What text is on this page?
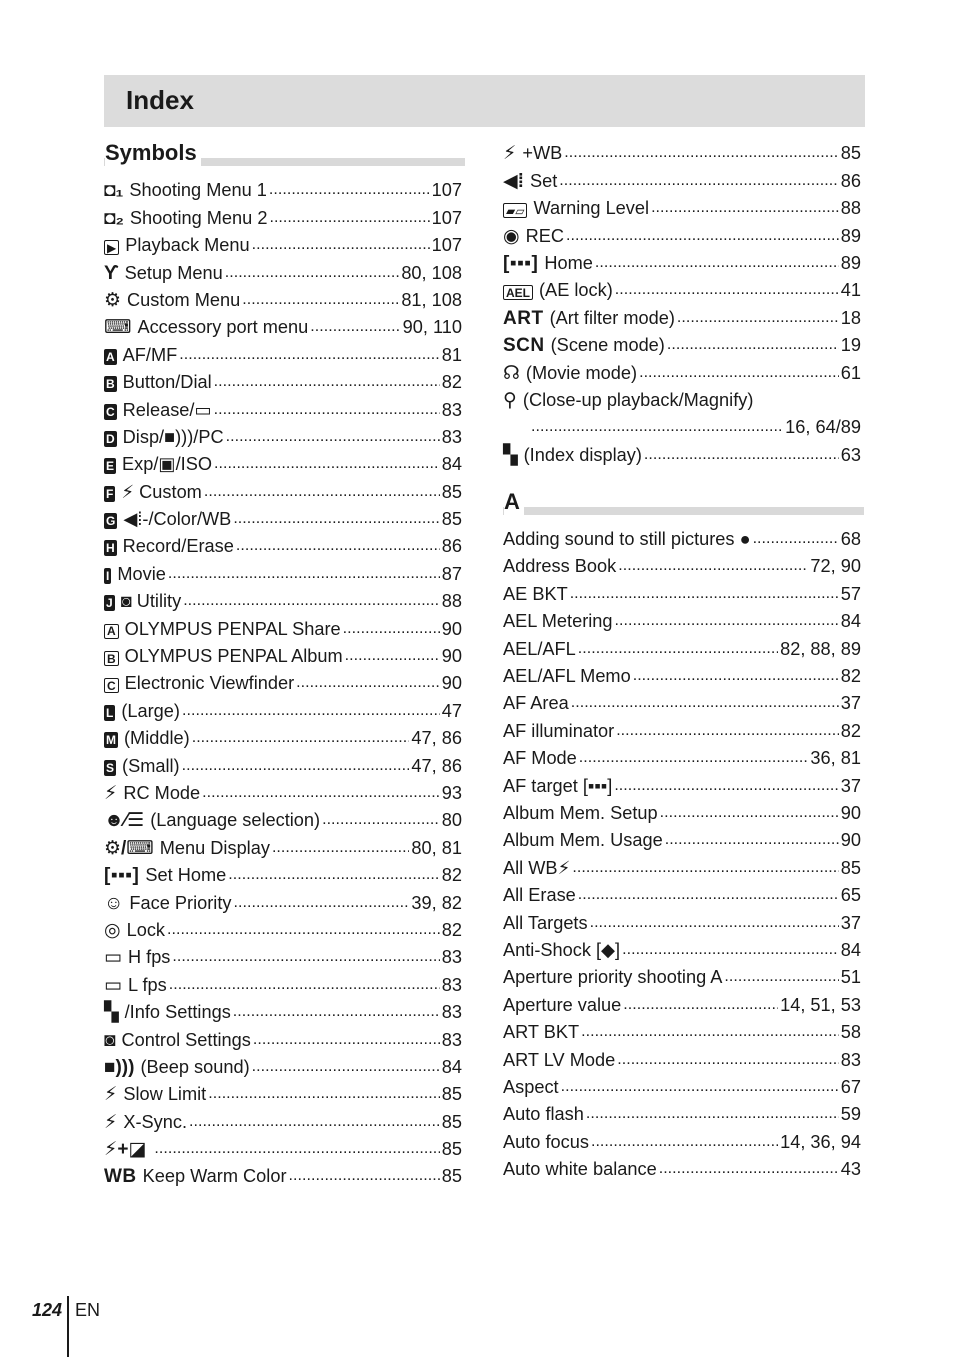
Index
Symbols
◘₁ Shooting Menu 1 . . .	107
◘₂ Shooting Menu 2 . . .	107
▶ Playback Menu . . .	107
ϒ Setup Menu . . .	80, 108
⚙ Custom Menu . . .	81, 108
⌨ Accessory port menu . . .	90, 110
A AF/MF . . .	81
B Button/Dial . . .	82
C Release/▭ . . .	83
D Disp/■)))/PC . . .	83
E Exp/▣/ISO . . .	84
F ⚡ Custom . . .	85
G ◀⁞-/Color/WB . . .	85
H Record/Erase . . .	86
I Movie . . .	87
J ◙ Utility . . .	88
A OLYMPUS PENPAL Share . . .	90
B OLYMPUS PENPAL Album . . .	90
C Electronic Viewfinder . . .	90
L (Large) . . .	47
M (Middle) . . .	47, 86
S (Small) . . .	47, 86
⚡ RC Mode . . .	93
☻⁄☰ (Language selection) . . .	80
⚙/⌨ Menu Display . . .	80, 81
[▪▪▪] Set Home . . .	82
☺ Face Priority . . .	39, 82
◎ Lock . . .	82
▭ H fps . . .	83
▭ L fps . . .	83
▚ /Info Settings . . .	83
◙ Control Settings . . .	83
■))) (Beep sound) . . .	84
⚡ Slow Limit . . .	85
⚡ X-Sync. . . .	85
⚡+◪ . . .	85
WB Keep Warm Color . . .	85
⚡ +WB . . .	85
◀⁞ Set . . .	86
▰▱ Warning Level . . .	88
◉ REC . . .	89
[▪▪▪] Home . . .	89
AEL (AE lock) . . .	41
ART (Art filter mode) . . .	18
SCN (Scene mode) . . .	19
☊ (Movie mode) . . .	61
⚲ (Close-up playback/Magnify)
. . .
16, 64/89
▚ (Index display) . . .	63
A
Adding sound to still pictures ● . . .	68
Address Book . . .	72, 90
AE BKT . . .	57
AEL Metering . . .	84
AEL/AFL . . .	82, 88, 89
AEL/AFL Memo . . .	82
AF Area . . .	37
AF illuminator . . .	82
AF Mode . . .	36, 81
AF target [▪▪▪] . . .	37
Album Mem. Setup . . .	90
Album Mem. Usage . . .	90
All WB⚡ . . .	85
All Erase . . .	65
All Targets . . .	37
Anti-Shock [◆] . . .	84
Aperture priority shooting A . . .	51
Aperture value . . .	14, 51, 53
ART BKT . . .	58
ART LV Mode . . .	83
Aspect . . .	67
Auto flash . . .	59
Auto focus . . .	14, 36, 94
Auto white balance . . .	43
124 EN
